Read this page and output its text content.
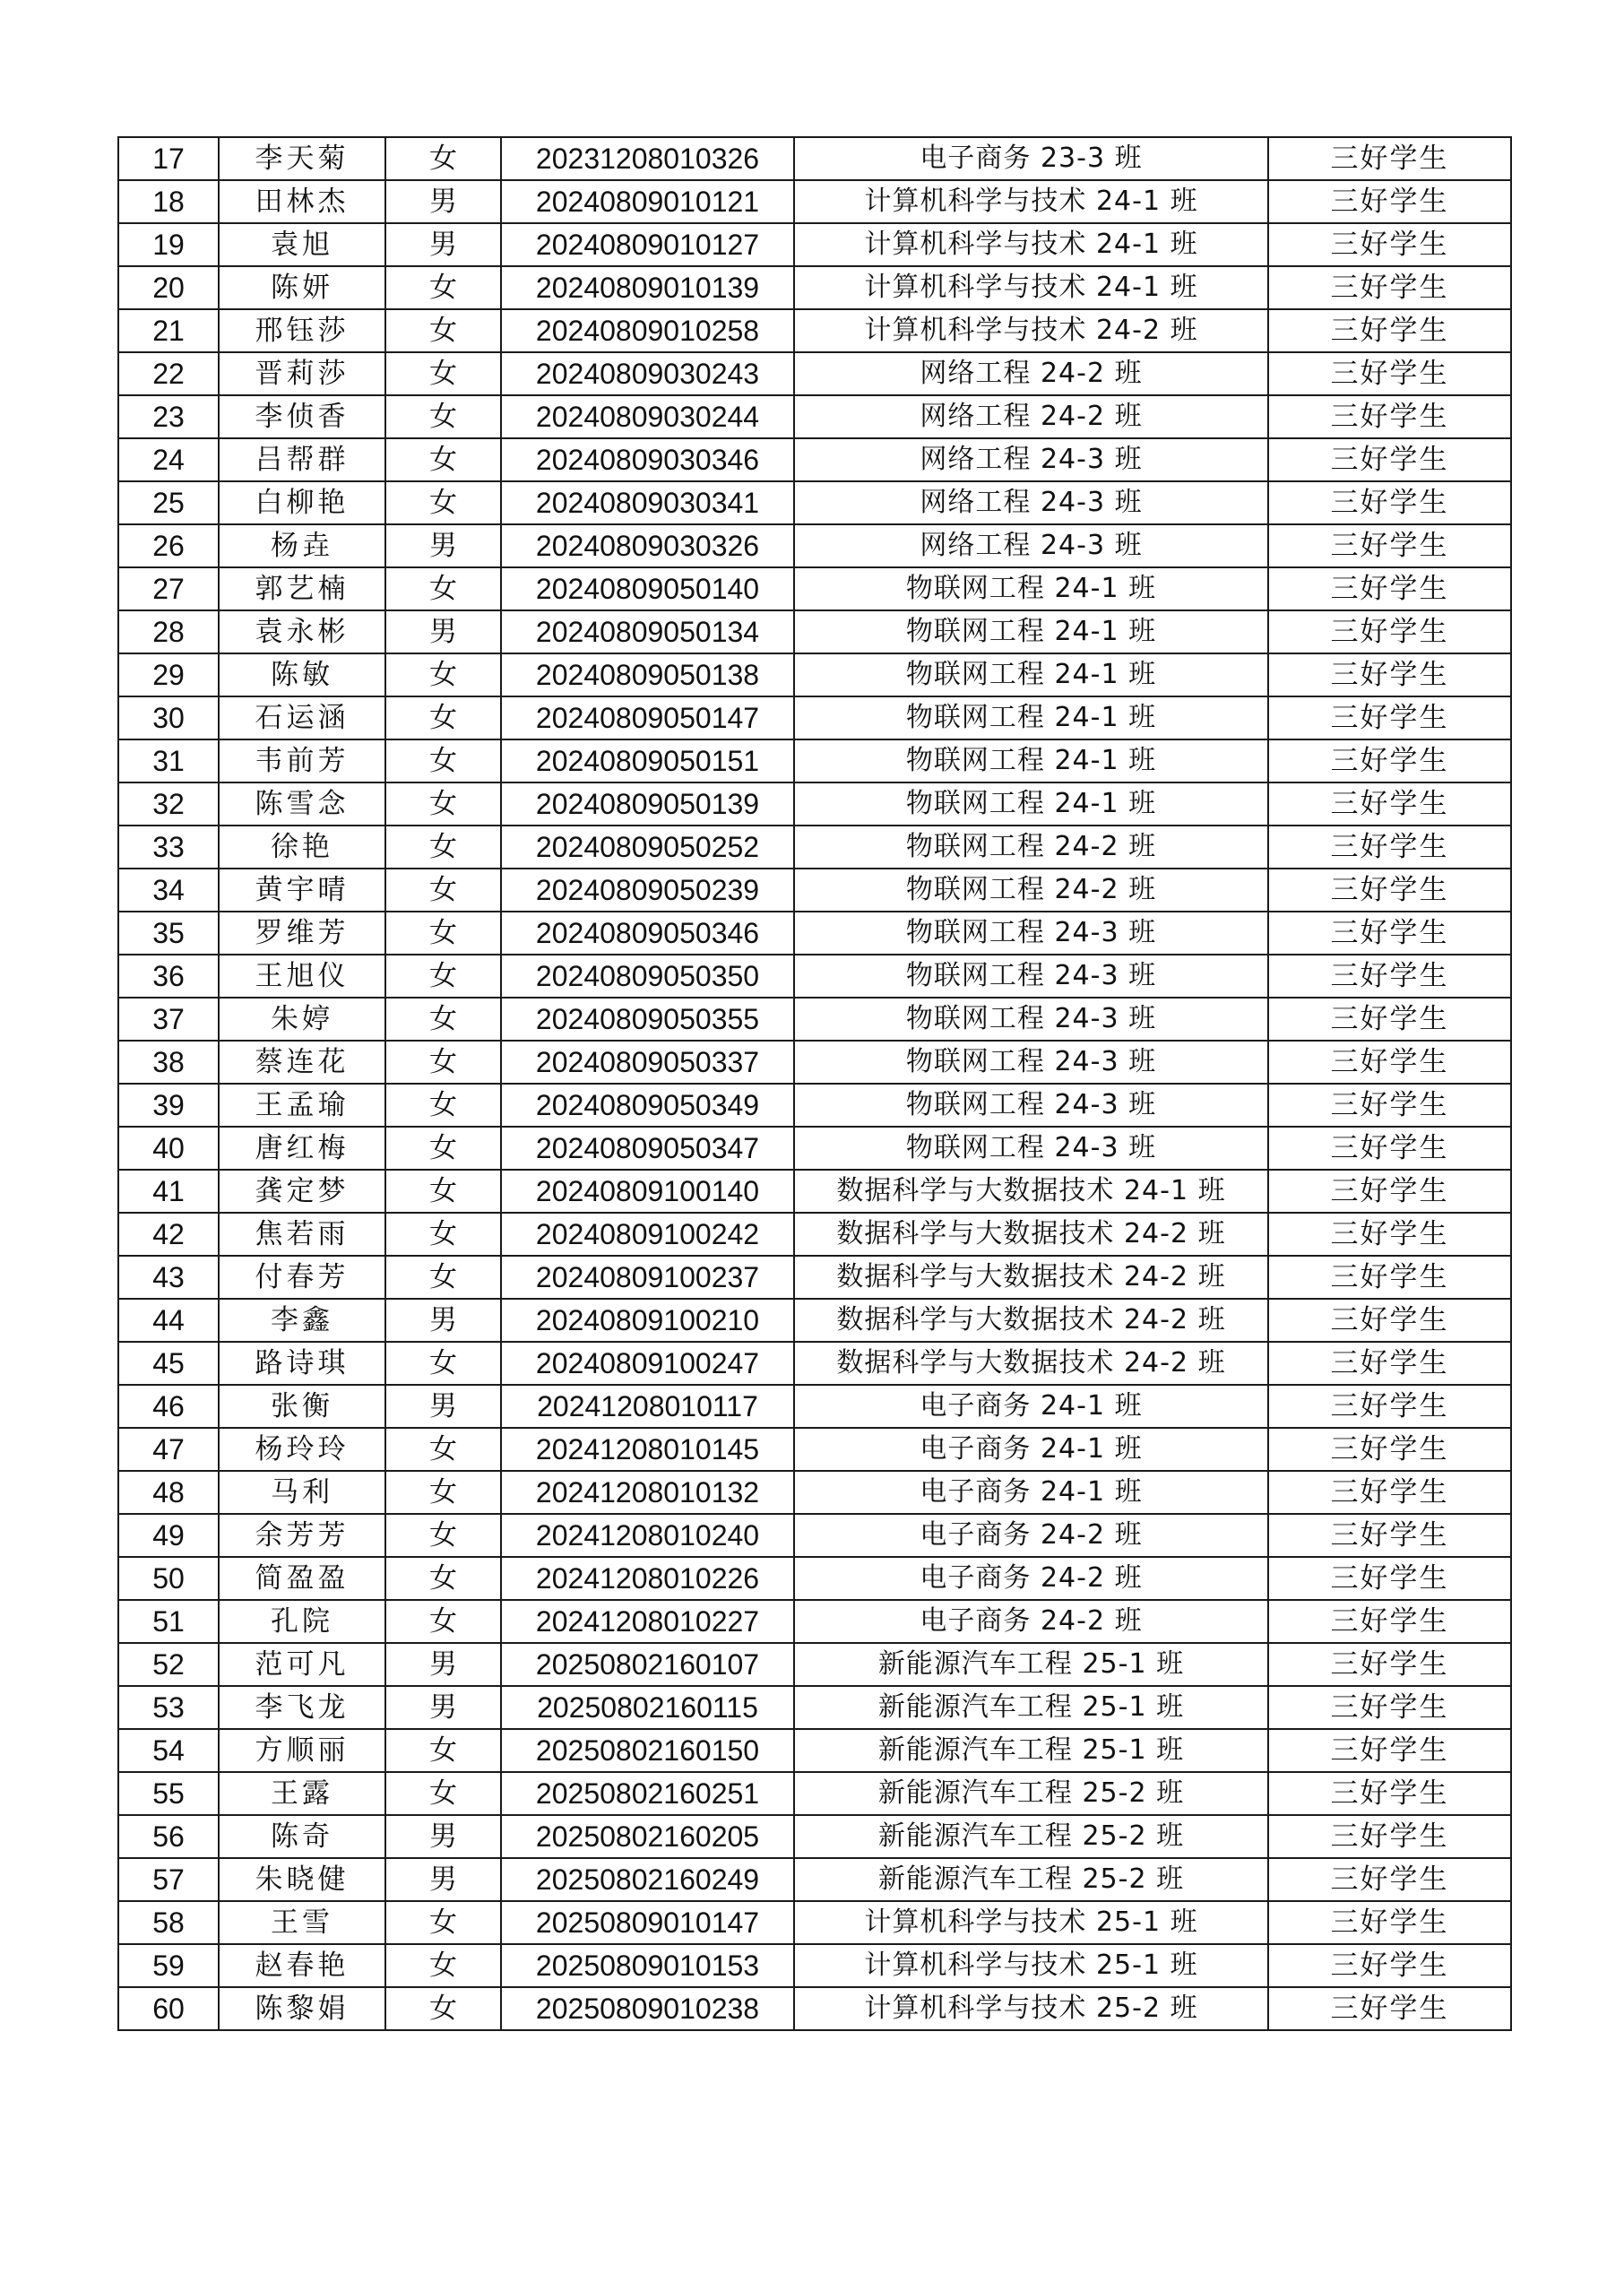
17	李天菊	女	20231208010326	电子商务 23-3 班	三好学生
18	田林杰	男	20240809010121	计算机科学与技术 24-1 班	三好学生
19	袁旭	男	20240809010127	计算机科学与技术 24-1 班	三好学生
20	陈妍	女	20240809010139	计算机科学与技术 24-1 班	三好学生
21	邢钰莎	女	20240809010258	计算机科学与技术 24-2 班	三好学生
22	晋莉莎	女	20240809030243	网络工程 24-2 班	三好学生
23	李侦香	女	20240809030244	网络工程 24-2 班	三好学生
24	吕帮群	女	20240809030346	网络工程 24-3 班	三好学生
25	白柳艳	女	20240809030341	网络工程 24-3 班	三好学生
26	杨垚	男	20240809030326	网络工程 24-3 班	三好学生
27	郭艺楠	女	20240809050140	物联网工程 24-1 班	三好学生
28	袁永彬	男	20240809050134	物联网工程 24-1 班	三好学生
29	陈敏	女	20240809050138	物联网工程 24-1 班	三好学生
30	石运涵	女	20240809050147	物联网工程 24-1 班	三好学生
31	韦前芳	女	20240809050151	物联网工程 24-1 班	三好学生
32	陈雪念	女	20240809050139	物联网工程 24-1 班	三好学生
33	徐艳	女	20240809050252	物联网工程 24-2 班	三好学生
34	黄宇晴	女	20240809050239	物联网工程 24-2 班	三好学生
35	罗维芳	女	20240809050346	物联网工程 24-3 班	三好学生
36	王旭仪	女	20240809050350	物联网工程 24-3 班	三好学生
37	朱婷	女	20240809050355	物联网工程 24-3 班	三好学生
38	蔡连花	女	20240809050337	物联网工程 24-3 班	三好学生
39	王孟瑜	女	20240809050349	物联网工程 24-3 班	三好学生
40	唐红梅	女	20240809050347	物联网工程 24-3 班	三好学生
41	龚定梦	女	20240809100140	数据科学与大数据技术 24-1 班	三好学生
42	焦若雨	女	20240809100242	数据科学与大数据技术 24-2 班	三好学生
43	付春芳	女	20240809100237	数据科学与大数据技术 24-2 班	三好学生
44	李鑫	男	20240809100210	数据科学与大数据技术 24-2 班	三好学生
45	路诗琪	女	20240809100247	数据科学与大数据技术 24-2 班	三好学生
46	张衡	男	20241208010117	电子商务 24-1 班	三好学生
47	杨玲玲	女	20241208010145	电子商务 24-1 班	三好学生
48	马利	女	20241208010132	电子商务 24-1 班	三好学生
49	余芳芳	女	20241208010240	电子商务 24-2 班	三好学生
50	简盈盈	女	20241208010226	电子商务 24-2 班	三好学生
51	孔院	女	20241208010227	电子商务 24-2 班	三好学生
52	范可凡	男	20250802160107	新能源汽车工程 25-1 班	三好学生
53	李飞龙	男	20250802160115	新能源汽车工程 25-1 班	三好学生
54	方顺丽	女	20250802160150	新能源汽车工程 25-1 班	三好学生
55	王露	女	20250802160251	新能源汽车工程 25-2 班	三好学生
56	陈奇	男	20250802160205	新能源汽车工程 25-2 班	三好学生
57	朱晓健	男	20250802160249	新能源汽车工程 25-2 班	三好学生
58	王雪	女	20250809010147	计算机科学与技术 25-1 班	三好学生
59	赵春艳	女	20250809010153	计算机科学与技术 25-1 班	三好学生
60	陈黎娟	女	20250809010238	计算机科学与技术 25-2 班	三好学生
